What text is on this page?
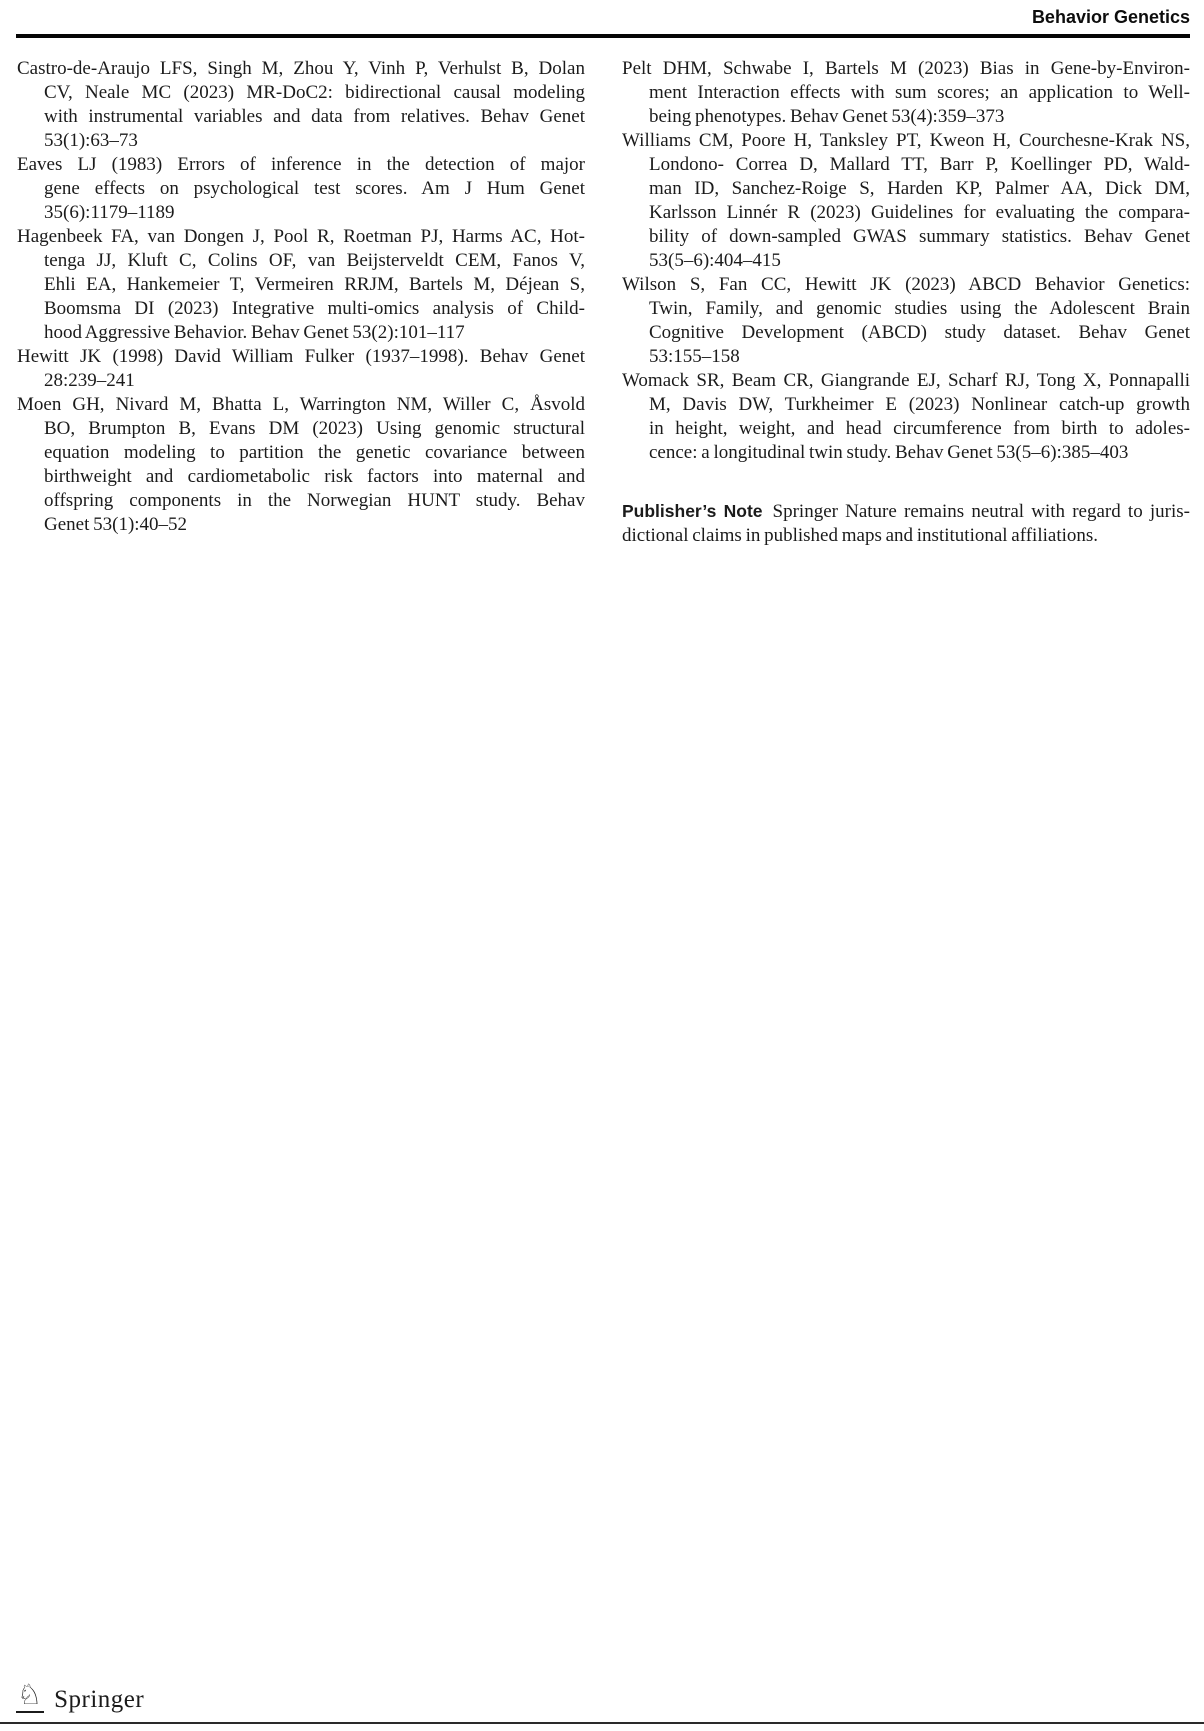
Behavior Genetics
Castro-de-Araujo LFS, Singh M, Zhou Y, Vinh P, Verhulst B, Dolan
CV, Neale MC (2023) MR-DoC2: bidirectional causal modeling
with instrumental variables and data from relatives. Behav Genet
53(1):63–73
Eaves LJ (1983) Errors of inference in the detection of major
gene effects on psychological test scores. Am J Hum Genet
35(6):1179–1189
Hagenbeek FA, van Dongen J, Pool R, Roetman PJ, Harms AC, Hot-
tenga JJ, Kluft C, Colins OF, van Beijsterveldt CEM, Fanos V,
Ehli EA, Hankemeier T, Vermeiren RRJM, Bartels M, Déjean S,
Boomsma DI (2023) Integrative multi-omics analysis of Child-
hood Aggressive Behavior. Behav Genet 53(2):101–117
Hewitt JK (1998) David William Fulker (1937–1998). Behav Genet
28:239–241
Moen GH, Nivard M, Bhatta L, Warrington NM, Willer C, Åsvold
BO, Brumpton B, Evans DM (2023) Using genomic structural
equation modeling to partition the genetic covariance between
birthweight and cardiometabolic risk factors into maternal and
offspring components in the Norwegian HUNT study. Behav
Genet 53(1):40–52
Pelt DHM, Schwabe I, Bartels M (2023) Bias in Gene-by-Environ-
ment Interaction effects with sum scores; an application to Well-
being phenotypes. Behav Genet 53(4):359–373
Williams CM, Poore H, Tanksley PT, Kweon H, Courchesne-Krak NS,
Londono- Correa D, Mallard TT, Barr P, Koellinger PD, Wald-
man ID, Sanchez-Roige S, Harden KP, Palmer AA, Dick DM,
Karlsson Linnér R (2023) Guidelines for evaluating the compara-
bility of down-sampled GWAS summary statistics. Behav Genet
53(5–6):404–415
Wilson S, Fan CC, Hewitt JK (2023) ABCD Behavior Genetics:
Twin, Family, and genomic studies using the Adolescent Brain
Cognitive Development (ABCD) study dataset. Behav Genet
53:155–158
Womack SR, Beam CR, Giangrande EJ, Scharf RJ, Tong X, Ponnapalli
M, Davis DW, Turkheimer E (2023) Nonlinear catch-up growth
in height, weight, and head circumference from birth to adoles-
cence: a longitudinal twin study. Behav Genet 53(5–6):385–403
Publisher’s Note Springer Nature remains neutral with regard to juris-
dictional claims in published maps and institutional affiliations.
♘ Springer
